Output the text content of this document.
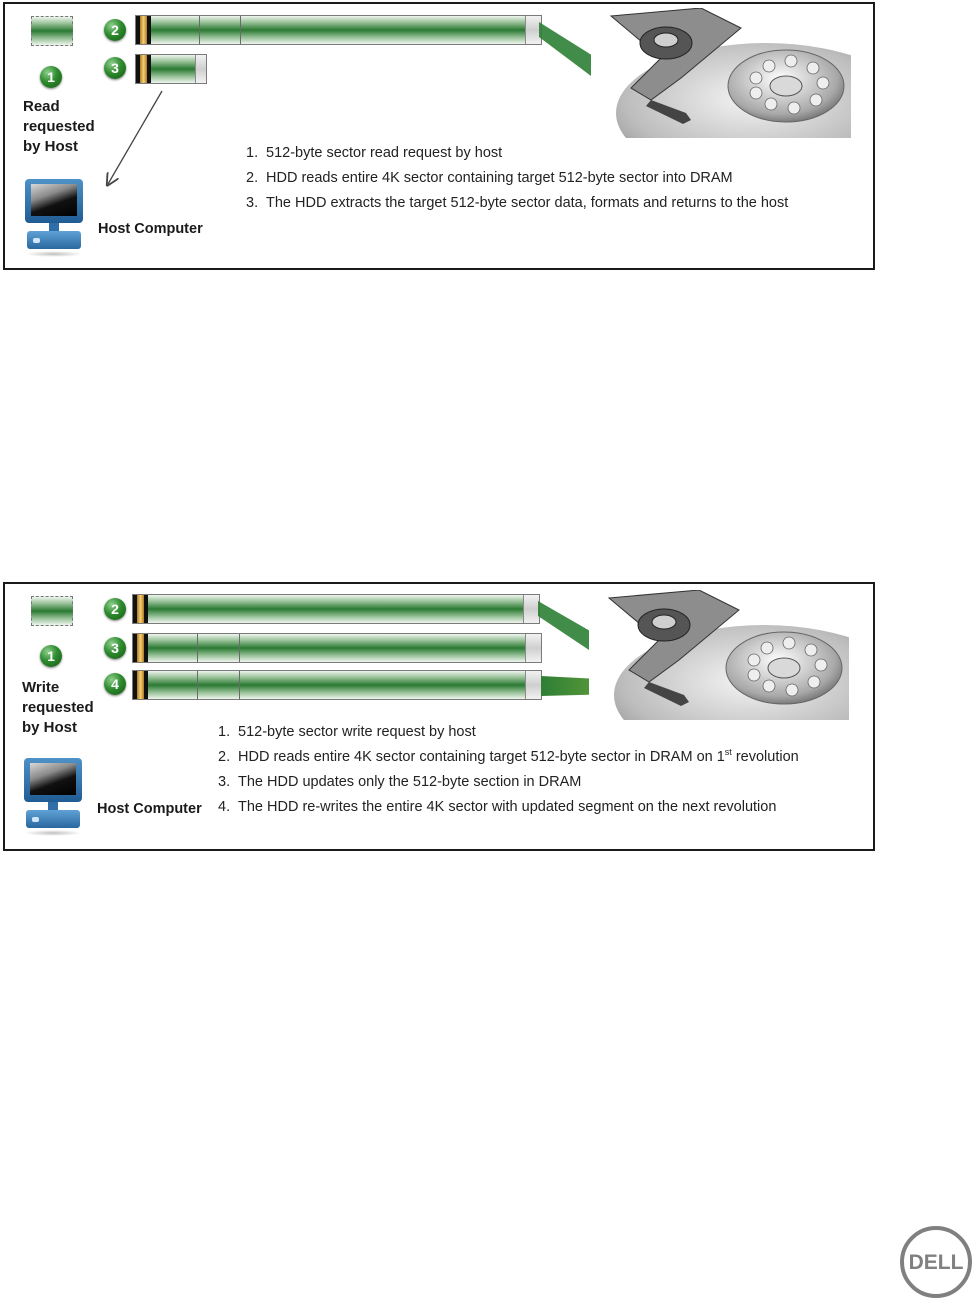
1
Read
requested
by Host
2
3
Host Computer
1. 512-byte sector read request by host
2. HDD reads entire 4K sector containing target 512-byte sector into DRAM
3. The HDD extracts the target 512-byte sector data, formats and returns to the host
1
Write
requested
by Host
2
3
4
Host Computer
1. 512-byte sector write request by host
2. HDD reads entire 4K sector containing target 512-byte sector in DRAM on 1st revolution
3. The HDD updates only the 512-byte section in DRAM
4. The HDD re-writes the entire 4K sector with updated segment on the next revolution
DELL
